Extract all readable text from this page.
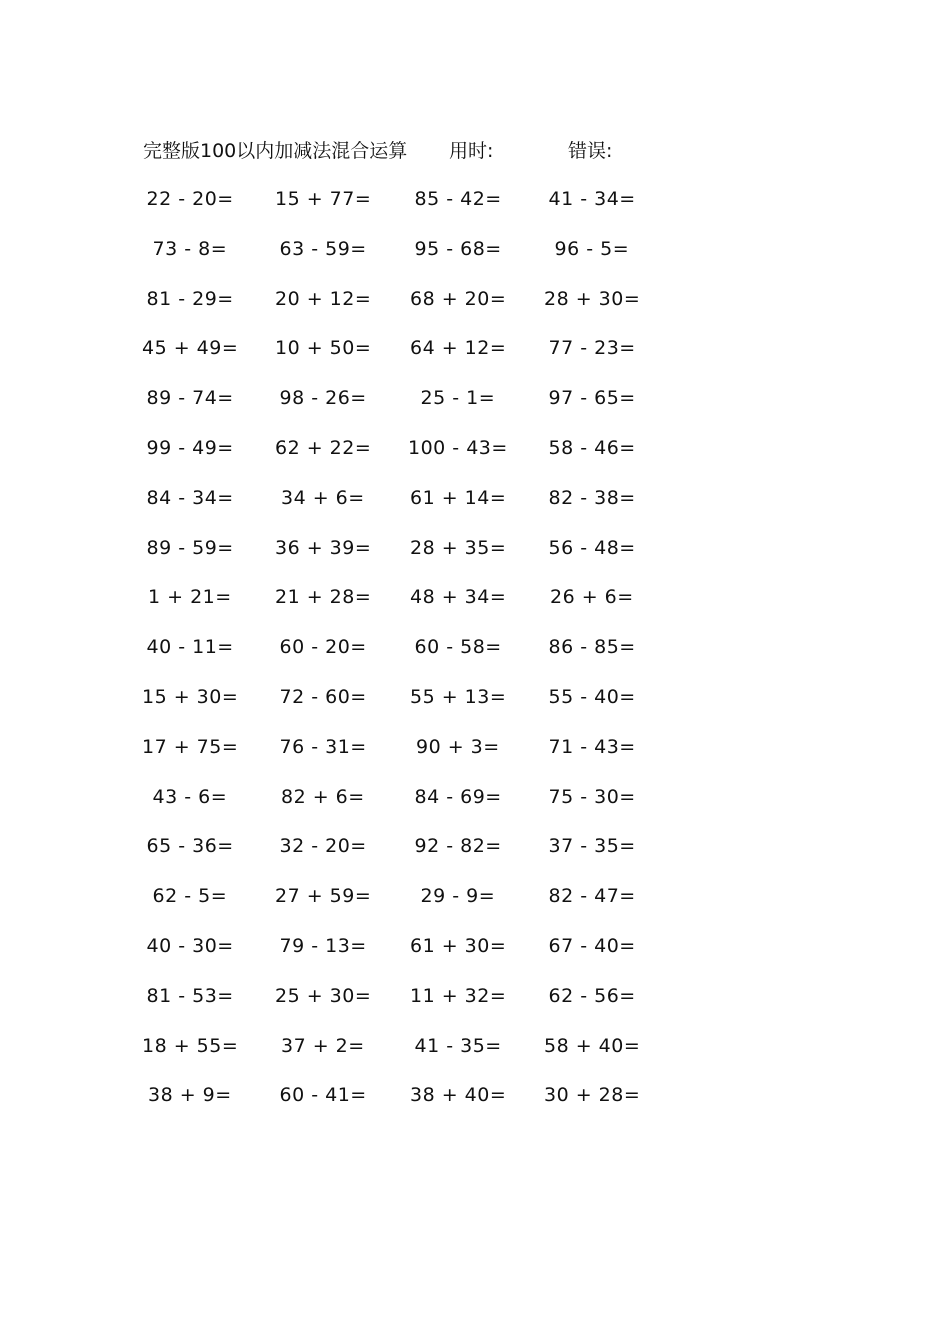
完整版100以内加减法混合运算 用时:	错误:
22 - 20= 15 + 77= 85 - 42= 41 - 34=
73 - 8=	63 - 59=	95 - 68=	96 - 5=
81 - 29= 20 + 12= 68 + 20= 28 + 30=
45 + 49= 10 + 50= 64 + 12= 77 - 23=
89 - 74= 98 - 26=	25 - 1=	97 - 65=
99 - 49= 62 + 22= 100 - 43= 58 - 46=
84 - 34= 34 + 6= 61 + 14= 82 - 38=
89 - 59= 36 + 39= 28 + 35= 56 - 48=
1 + 21= 21 + 28= 48 + 34= 26 + 6=
40 - 11= 60 - 20=	60 - 58= 86 - 85=
15 + 30= 72 - 60= 55 + 13= 55 - 40=
17 + 75= 76 - 31=	90 + 3=	71 - 43=
43 - 6=	82 + 6=	84 - 69= 75 - 30=
65 - 36= 32 - 20=	92 - 82= 37 - 35=
62 - 5=	27 + 59=	29 - 9=	82 - 47=
40 - 30= 79 - 13= 61 + 30= 67 - 40=
81 - 53= 25 + 30= 11 + 32= 62 - 56=
18 + 55= 37 + 2=	41 - 35= 58 + 40=
38 + 9=	60 - 41= 38 + 40= 30 + 28=
